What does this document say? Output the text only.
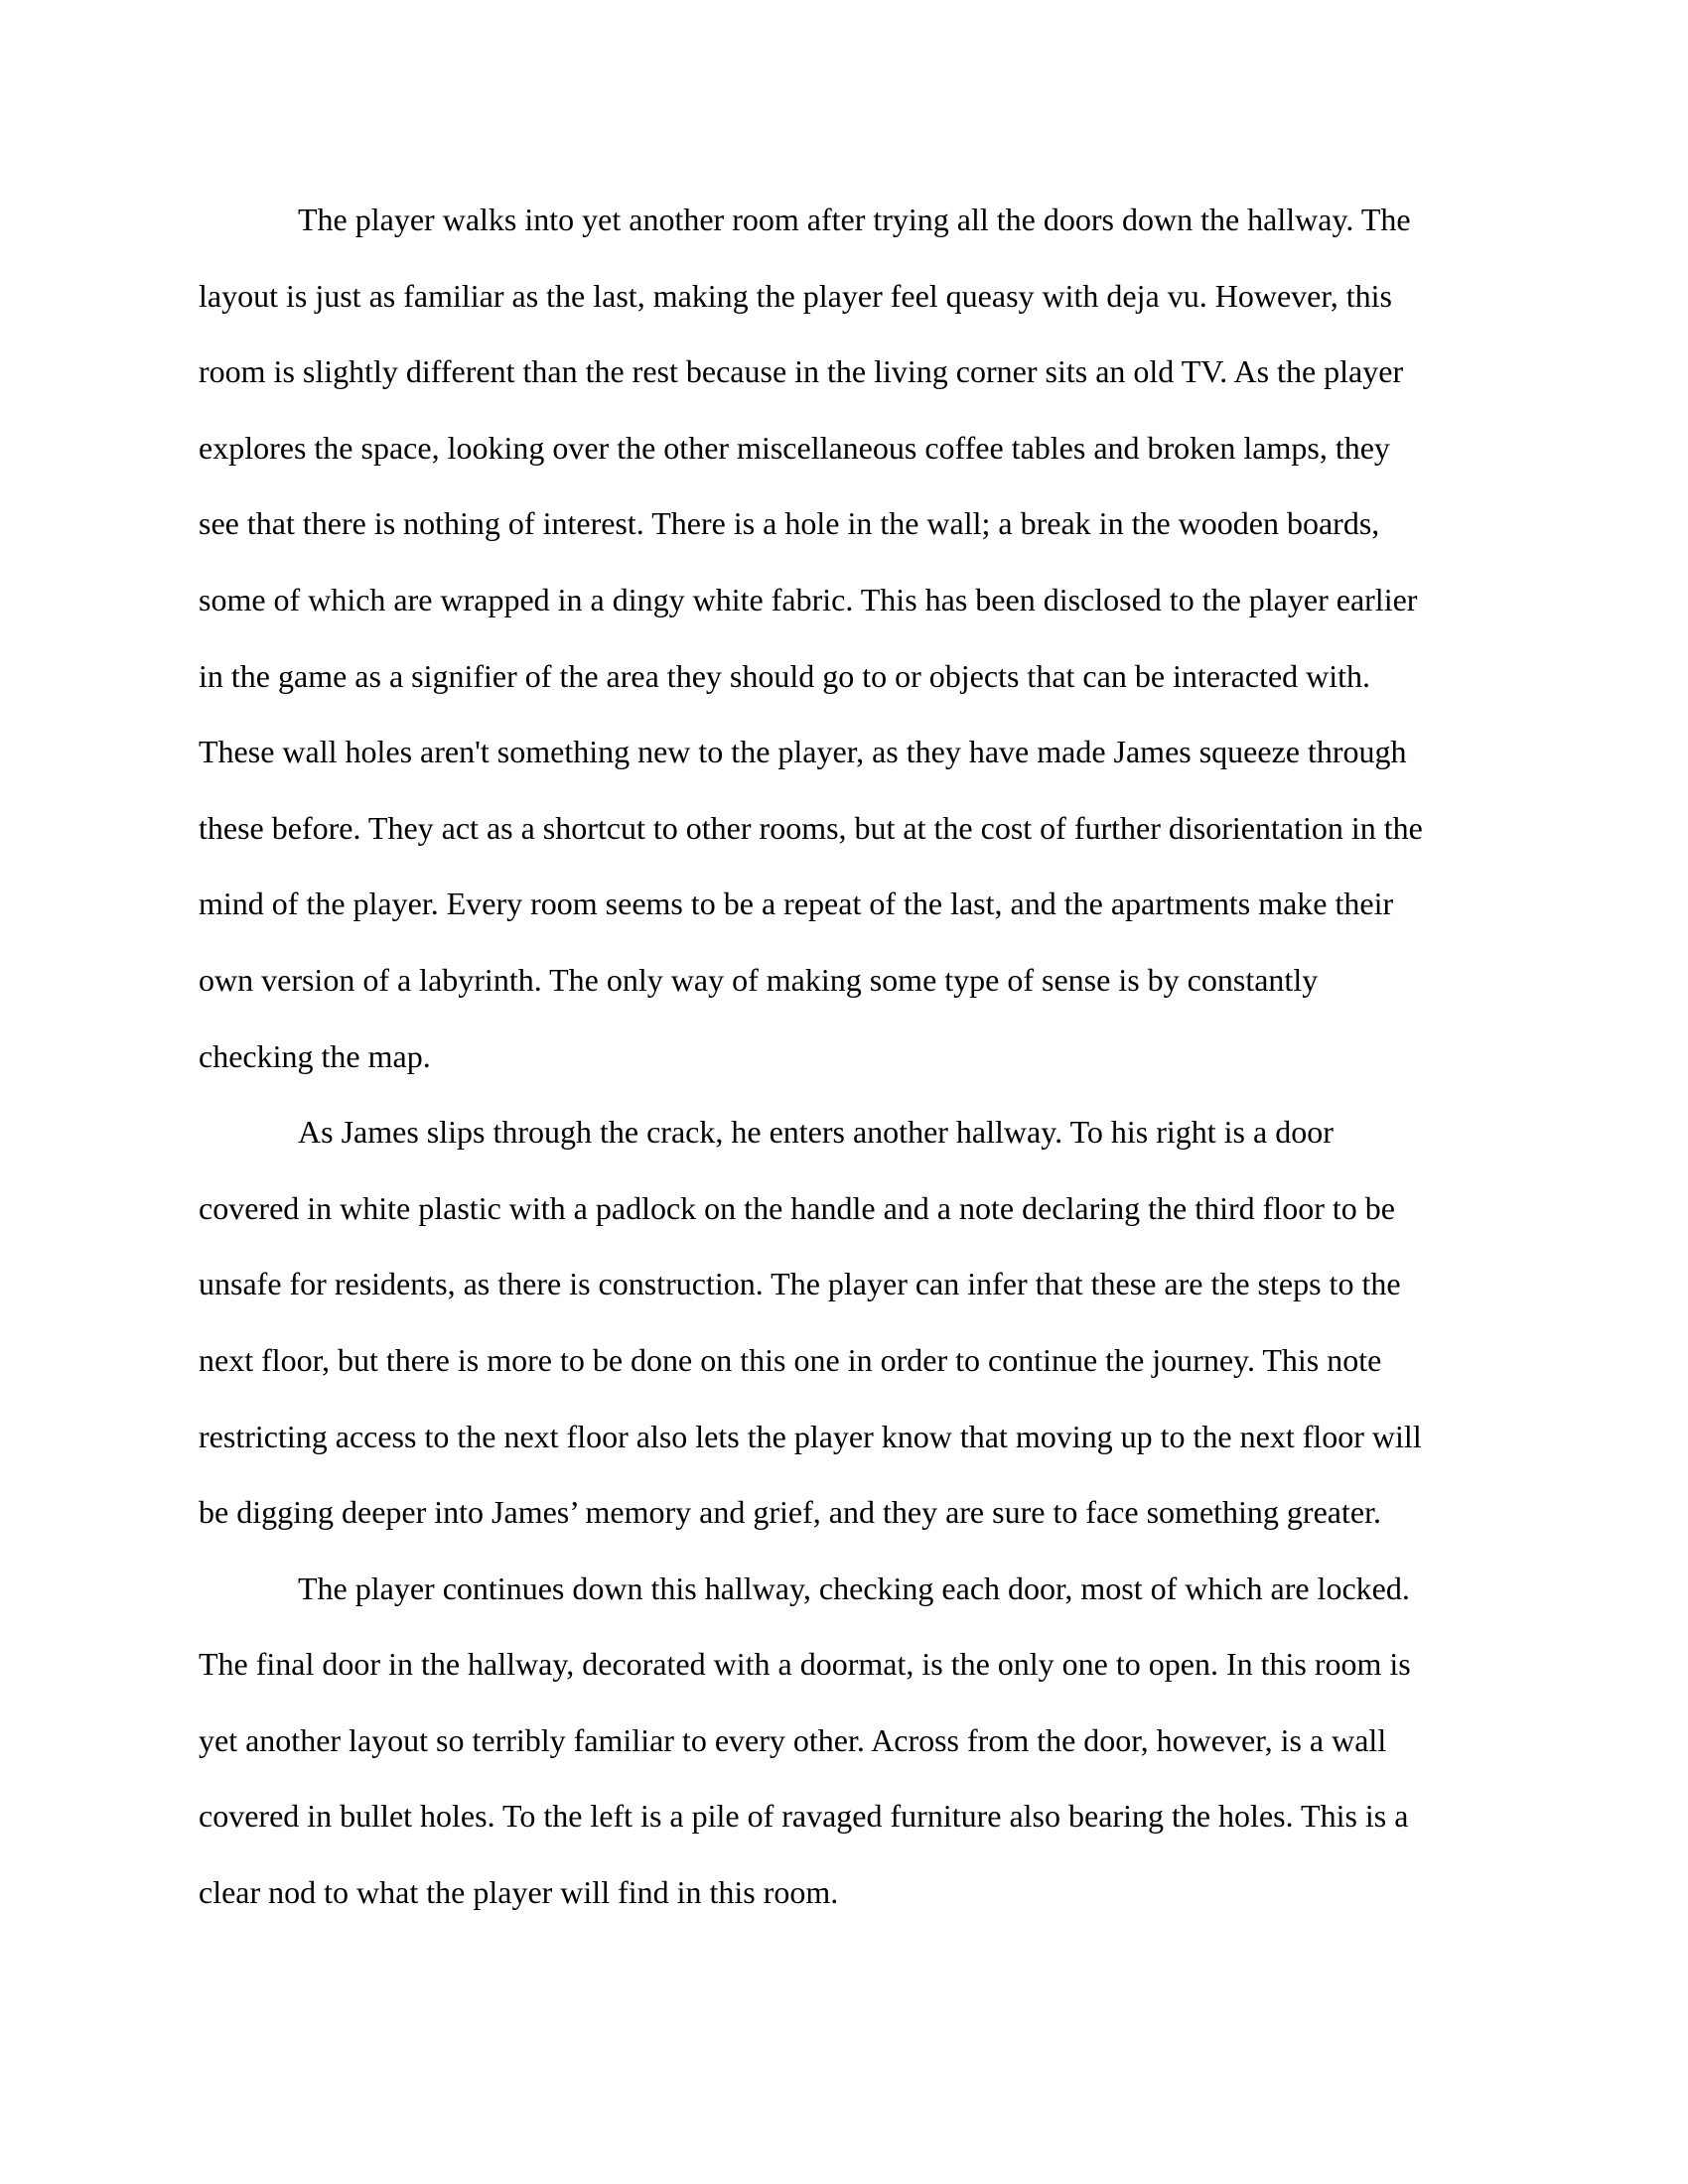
The player walks into yet another room after trying all the doors down the hallway. The
layout is just as familiar as the last, making the player feel queasy with deja vu. However, this
room is slightly different than the rest because in the living corner sits an old TV. As the player
explores the space, looking over the other miscellaneous coffee tables and broken lamps, they
see that there is nothing of interest. There is a hole in the wall; a break in the wooden boards,
some of which are wrapped in a dingy white fabric. This has been disclosed to the player earlier
in the game as a signifier of the area they should go to or objects that can be interacted with.
These wall holes aren't something new to the player, as they have made James squeeze through
these before. They act as a shortcut to other rooms, but at the cost of further disorientation in the
mind of the player. Every room seems to be a repeat of the last, and the apartments make their
own version of a labyrinth. The only way of making some type of sense is by constantly
checking the map.

As James slips through the crack, he enters another hallway. To his right is a door
covered in white plastic with a padlock on the handle and a note declaring the third floor to be
unsafe for residents, as there is construction. The player can infer that these are the steps to the
next floor, but there is more to be done on this one in order to continue the journey. This note
restricting access to the next floor also lets the player know that moving up to the next floor will
be digging deeper into James’ memory and grief, and they are sure to face something greater.

The player continues down this hallway, checking each door, most of which are locked.
The final door in the hallway, decorated with a doormat, is the only one to open. In this room is
yet another layout so terribly familiar to every other. Across from the door, however, is a wall
covered in bullet holes. To the left is a pile of ravaged furniture also bearing the holes. This is a
clear nod to what the player will find in this room.
